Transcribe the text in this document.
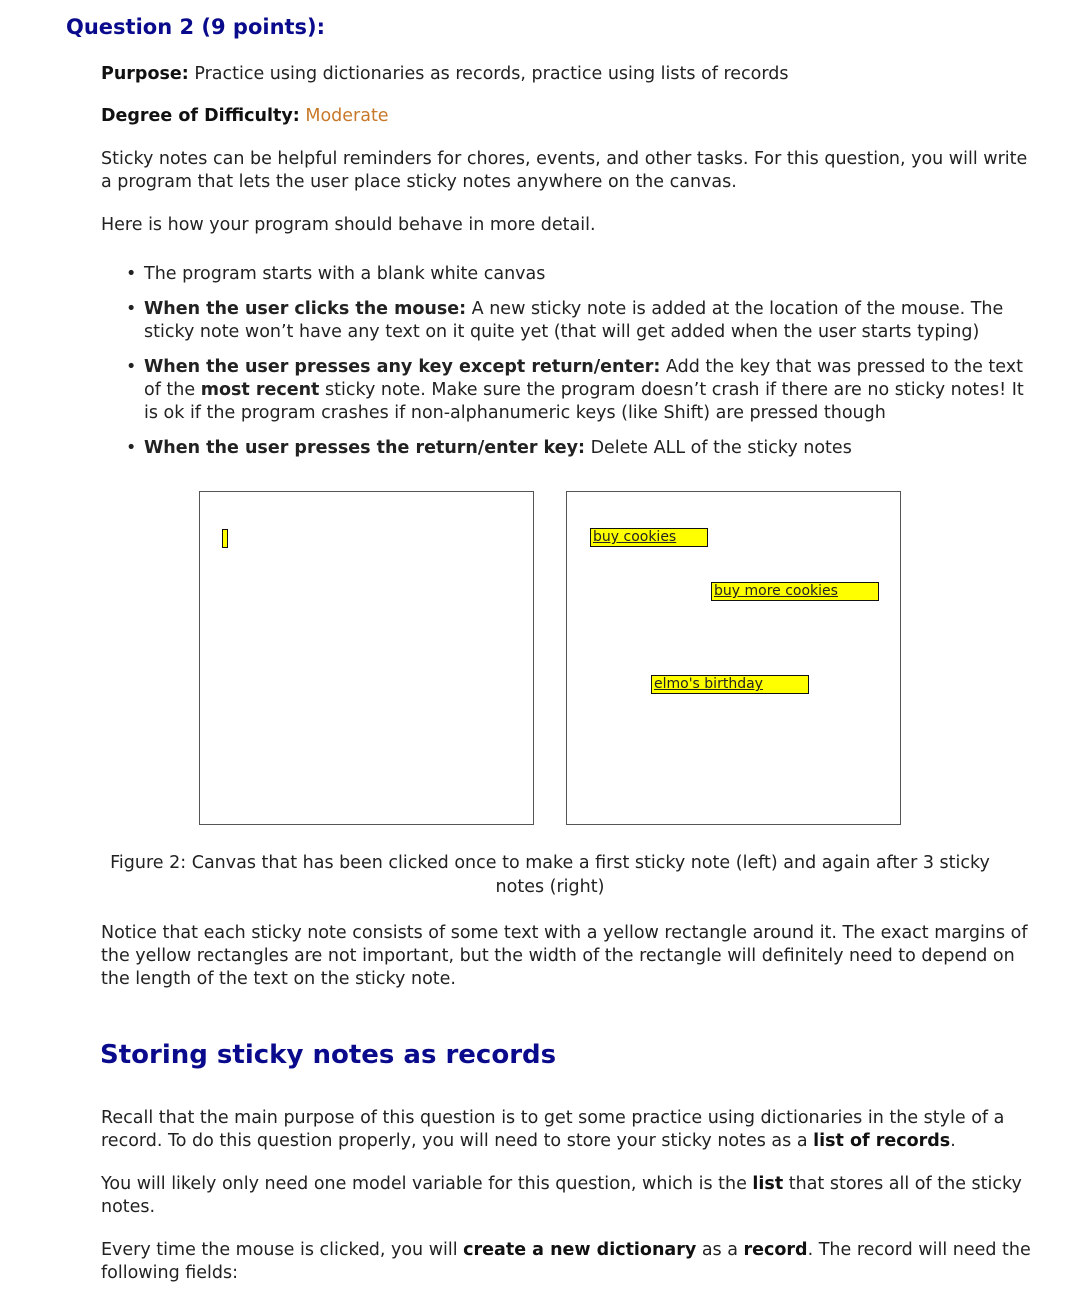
Question 2 (9 points):
Purpose: Practice using dictionaries as records, practice using lists of records
Degree of Difficulty: Moderate
Sticky notes can be helpful reminders for chores, events, and other tasks. For this question, you will write a program that lets the user place sticky notes anywhere on the canvas.
Here is how your program should behave in more detail.
• The program starts with a blank white canvas
• When the user clicks the mouse: A new sticky note is added at the location of the mouse. The sticky note won’t have any text on it quite yet (that will get added when the user starts typing)
• When the user presses any key except return/enter: Add the key that was pressed to the text of the most recent sticky note. Make sure the program doesn’t crash if there are no sticky notes! It is ok if the program crashes if non-alphanumeric keys (like Shift) are pressed though
• When the user presses the return/enter key: Delete ALL of the sticky notes
buy cookies
buy more cookies
elmo's birthday
Figure 2: Canvas that has been clicked once to make a first sticky note (left) and again after 3 sticky notes (right)
Notice that each sticky note consists of some text with a yellow rectangle around it. The exact margins of the yellow rectangles are not important, but the width of the rectangle will definitely need to depend on the length of the text on the sticky note.
Storing sticky notes as records
Recall that the main purpose of this question is to get some practice using dictionaries in the style of a record. To do this question properly, you will need to store your sticky notes as a list of records.
You will likely only need one model variable for this question, which is the list that stores all of the sticky notes.
Every time the mouse is clicked, you will create a new dictionary as a record. The record will need the following fields:
